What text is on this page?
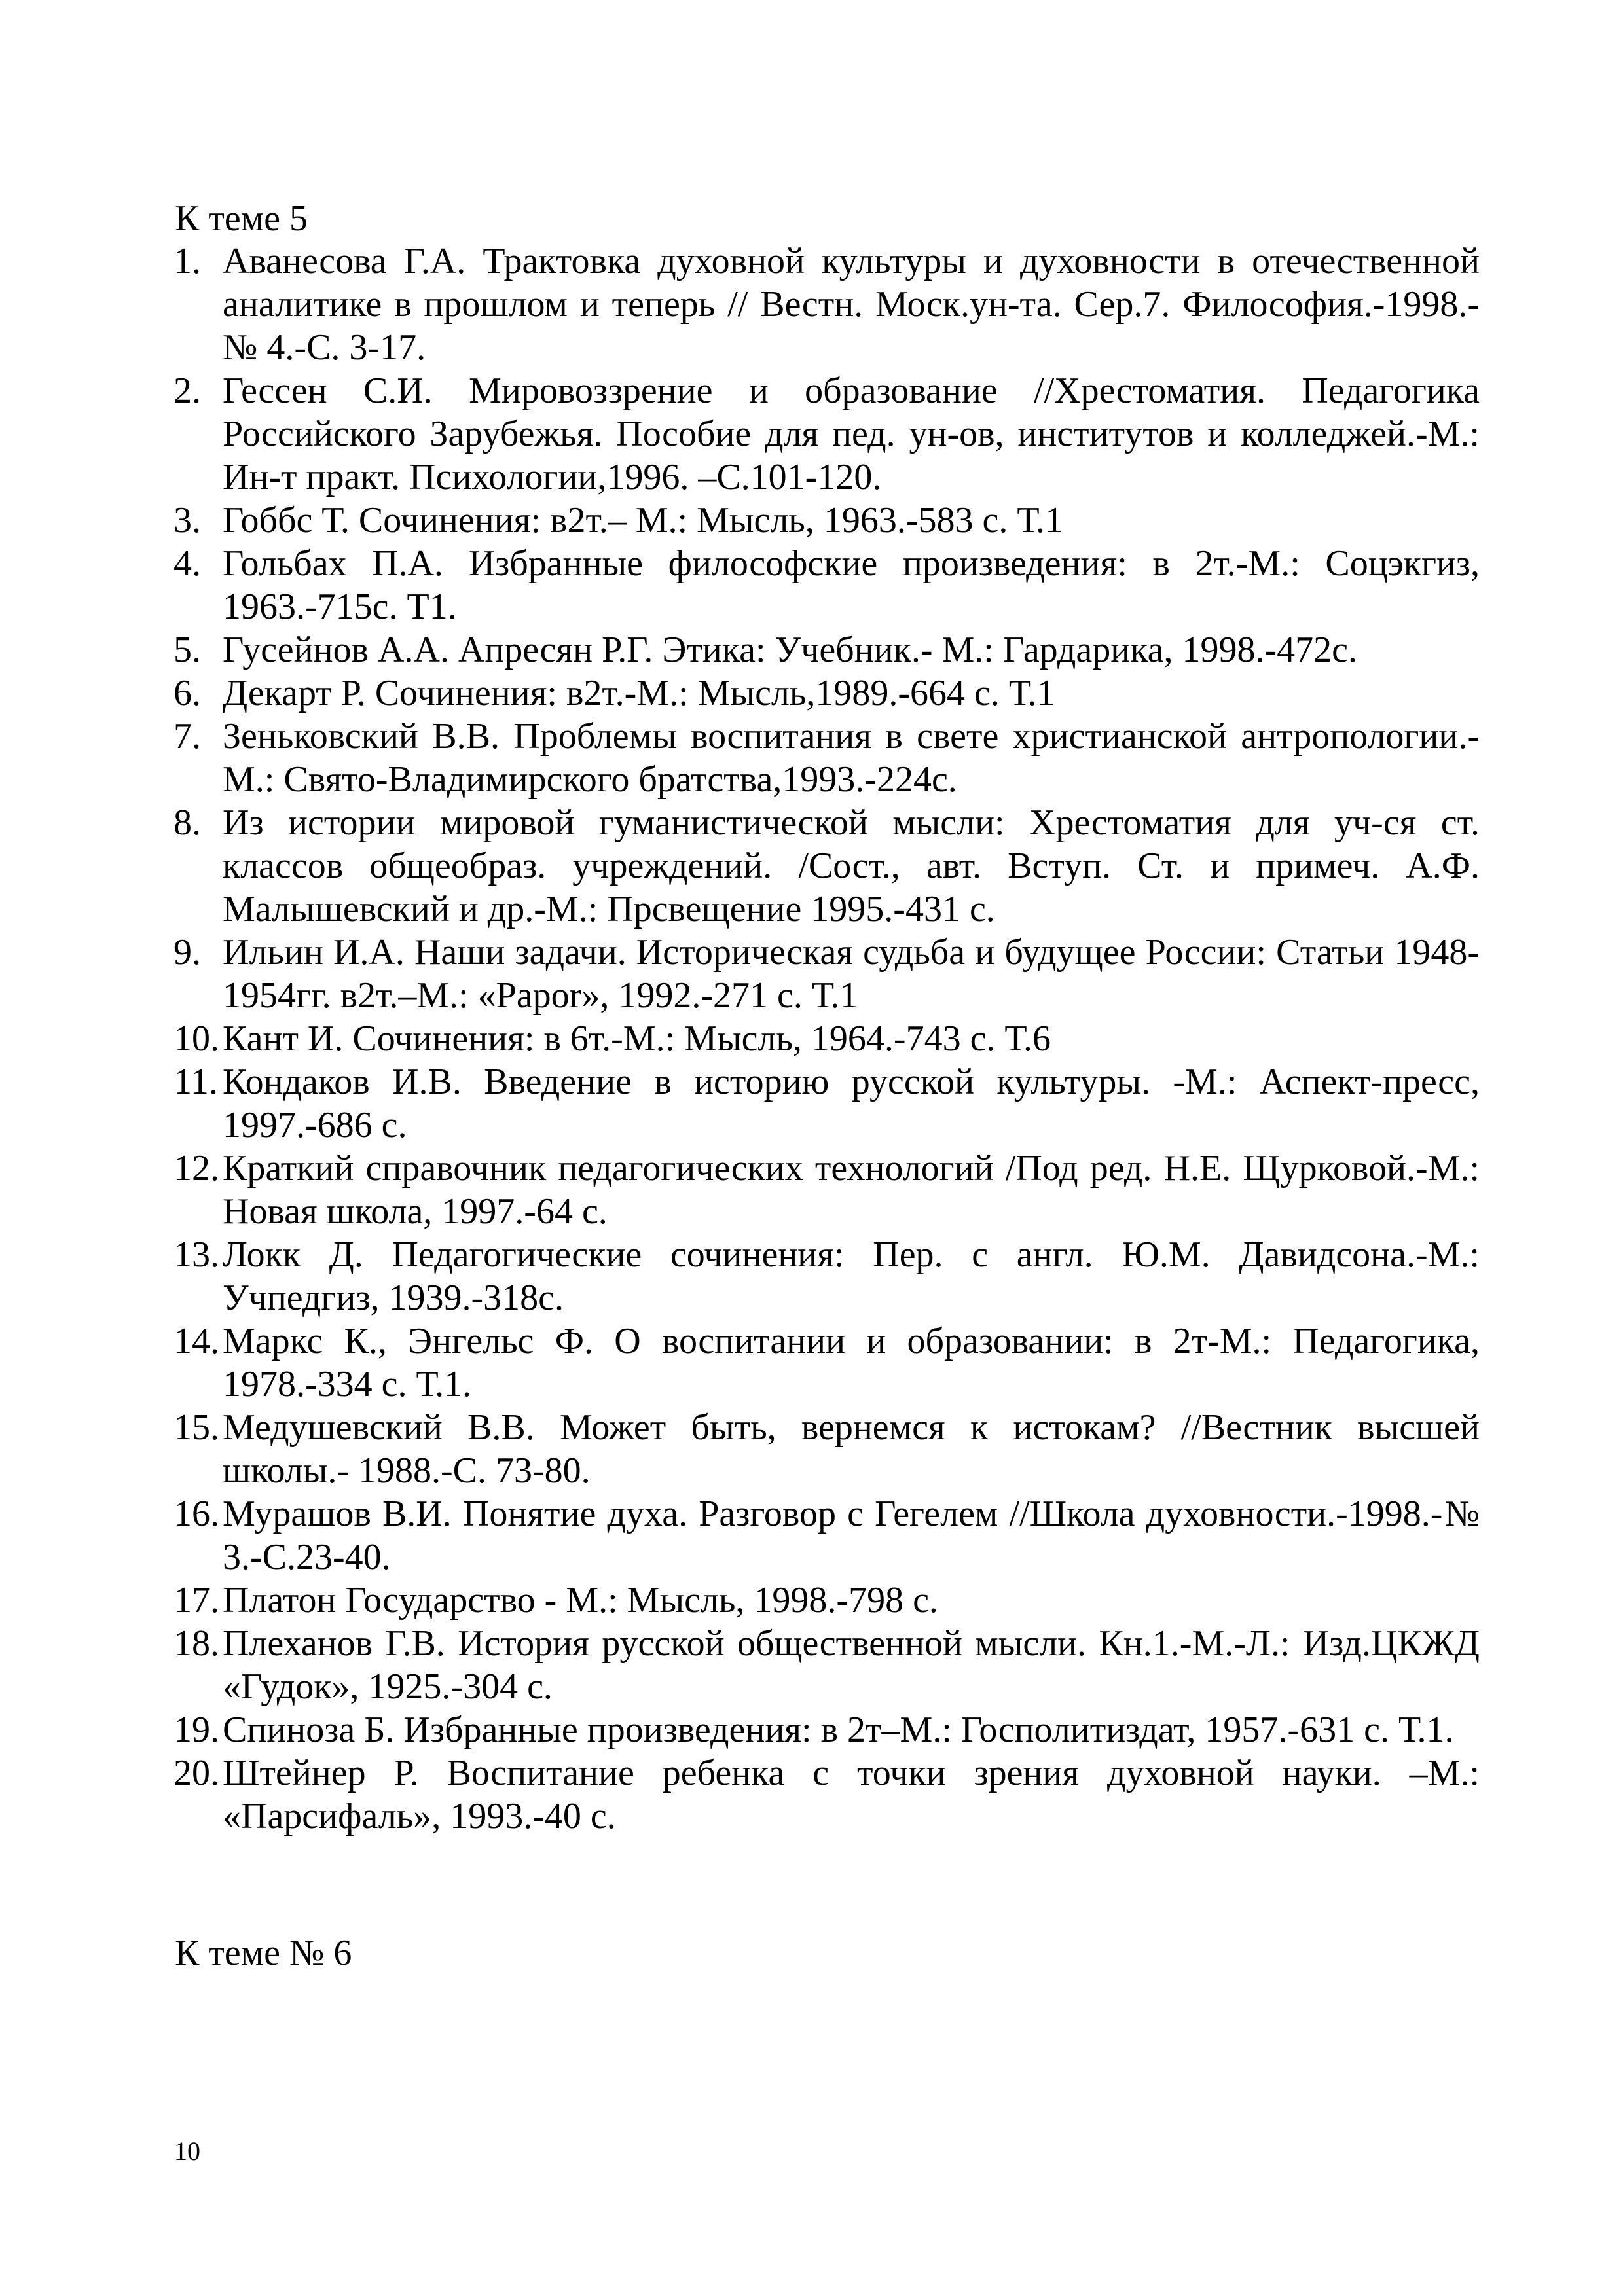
К теме 5
1. Аванесова Г.А. Трактовка духовной культуры и духовности в отечественной аналитике в прошлом и теперь // Вестн. Моск.ун-та. Сер.7. Философия.-1998.-№ 4.-С. 3-17.
2. Гессен С.И. Мировоззрение и образование //Хрестоматия. Педагогика Российского Зарубежья. Пособие для пед. ун-ов, институтов и колледжей.-М.: Ин-т практ. Психологии,1996. –С.101-120.
3. Гоббс Т. Сочинения: в2т.– М.: Мысль, 1963.-583 с. Т.1
4. Гольбах П.А. Избранные философские произведения: в 2т.-М.: Соцэкгиз, 1963.-715с. Т1.
5. Гусейнов А.А. Апресян Р.Г. Этика: Учебник.- М.: Гардарика, 1998.-472с.
6. Декарт Р. Сочинения: в2т.-М.: Мысль,1989.-664 с. Т.1
7. Зеньковский В.В. Проблемы воспитания в свете христианской антропологии.- М.: Свято-Владимирского братства,1993.-224с.
8. Из истории мировой гуманистической мысли: Хрестоматия для уч-ся ст. классов общеобраз. учреждений. /Сост., авт. Вступ. Ст. и примеч. А.Ф. Малышевский и др.-М.: Прсвещение 1995.-431 с.
9. Ильин И.А. Наши задачи. Историческая судьба и будущее России: Статьи 1948-1954гг. в2т.–М.: «Papor», 1992.-271 с. Т.1
10. Кант И. Сочинения: в 6т.-М.: Мысль, 1964.-743 с. Т.6
11. Кондаков И.В. Введение в историю русской культуры. -М.: Аспект-пресс, 1997.-686 с.
12. Краткий справочник педагогических технологий /Под ред. Н.Е. Щурковой.-М.: Новая школа, 1997.-64 с.
13. Локк Д. Педагогические сочинения: Пер. с англ. Ю.М. Давидсона.-М.: Учпедгиз, 1939.-318с.
14. Маркс К., Энгельс Ф. О воспитании и образовании: в 2т-М.: Педагогика, 1978.-334 с. Т.1.
15. Медушевский В.В. Может быть, вернемся к истокам? //Вестник высшей школы.- 1988.-С. 73-80.
16. Мурашов В.И. Понятие духа. Разговор с Гегелем //Школа духовности.-1998.-№ 3.-С.23-40.
17. Платон Государство - М.: Мысль, 1998.-798 с.
18. Плеханов Г.В. История русской общественной мысли. Кн.1.-М.-Л.: Изд.ЦКЖД «Гудок», 1925.-304 с.
19. Спиноза Б. Избранные произведения: в 2т–М.: Госполитиздат, 1957.-631 с. Т.1.
20. Штейнер Р. Воспитание ребенка с точки зрения духовной науки. –М.: «Парсифаль», 1993.-40 с.
К теме № 6
10
